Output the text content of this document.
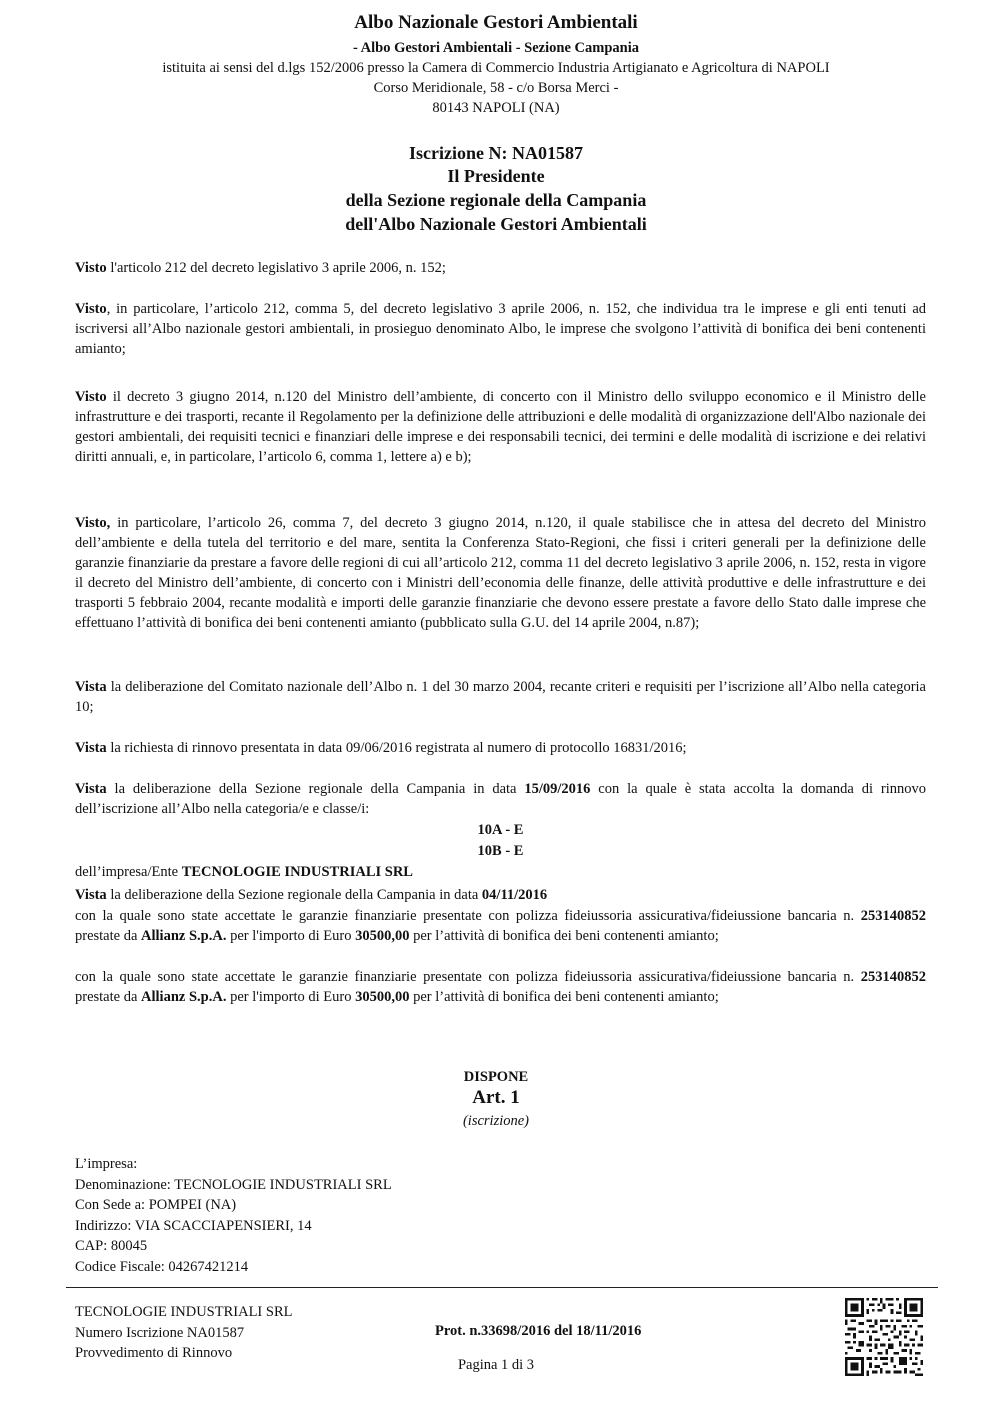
Albo Nazionale Gestori Ambientali
- Albo Gestori Ambientali - Sezione Campania
istituita ai sensi del d.lgs 152/2006 presso la Camera di Commercio Industria Artigianato e Agricoltura di NAPOLI
Corso Meridionale, 58 - c/o Borsa Merci -
80143 NAPOLI (NA)
Iscrizione N: NA01587
Il Presidente
della Sezione regionale della Campania
dell'Albo Nazionale Gestori Ambientali
Visto l'articolo 212 del decreto legislativo 3 aprile 2006, n. 152;
Visto, in particolare, l’articolo 212, comma 5, del decreto legislativo 3 aprile 2006, n. 152, che individua tra le imprese e gli enti tenuti ad iscriversi all’Albo nazionale gestori ambientali, in prosieguo denominato Albo, le imprese che svolgono l’attività di bonifica dei beni contenenti amianto;
Visto il decreto 3 giugno 2014, n.120 del Ministro dell’ambiente, di concerto con il Ministro dello sviluppo economico e il Ministro delle infrastrutture e dei trasporti, recante il Regolamento per la definizione delle attribuzioni e delle modalità di organizzazione dell'Albo nazionale dei gestori ambientali, dei requisiti tecnici e finanziari delle imprese e dei responsabili tecnici, dei termini e delle modalità di iscrizione e dei relativi diritti annuali, e, in particolare, l’articolo 6, comma 1, lettere a) e b);
Visto, in particolare, l’articolo 26, comma 7, del decreto 3 giugno 2014, n.120, il quale stabilisce che in attesa del decreto del Ministro dell’ambiente e della tutela del territorio e del mare, sentita la Conferenza Stato-Regioni, che fissi i criteri generali per la definizione delle garanzie finanziarie da prestare a favore delle regioni di cui all’articolo 212, comma 11 del decreto legislativo 3 aprile 2006, n. 152, resta in vigore il decreto del Ministro dell’ambiente, di concerto con i Ministri dell’economia delle finanze, delle attività produttive e delle infrastrutture e dei trasporti 5 febbraio 2004, recante modalità e importi delle garanzie finanziarie che devono essere prestate a favore dello Stato dalle imprese che effettuano l’attività di bonifica dei beni contenenti amianto (pubblicato sulla G.U. del 14 aprile 2004, n.87);
Vista la deliberazione del Comitato nazionale dell’Albo n. 1 del 30 marzo 2004, recante criteri e requisiti per l’iscrizione all’Albo nella categoria 10;
Vista la richiesta di rinnovo presentata in data 09/06/2016 registrata al numero di protocollo 16831/2016;
Vista la deliberazione della Sezione regionale della Campania in data 15/09/2016 con la quale è stata accolta la domanda di rinnovo dell’iscrizione all’Albo nella categoria/e e classe/i:
10A - E
10B - E
dell’impresa/Ente TECNOLOGIE INDUSTRIALI SRL
Vista la deliberazione della Sezione regionale della Campania in data 04/11/2016
con la quale sono state accettate le garanzie finanziarie presentate con polizza fideiussoria assicurativa/fideiussione bancaria n. 253140852 prestate da Allianz S.p.A. per l'importo di Euro 30500,00 per l’attività di bonifica dei beni contenenti amianto;
con la quale sono state accettate le garanzie finanziarie presentate con polizza fideiussoria assicurativa/fideiussione bancaria n. 253140852 prestate da Allianz S.p.A. per l'importo di Euro 30500,00 per l’attività di bonifica dei beni contenenti amianto;
DISPONE
Art. 1
(iscrizione)
L’impresa:
Denominazione: TECNOLOGIE INDUSTRIALI SRL
Con Sede a: POMPEI (NA)
Indirizzo: VIA SCACCIAPENSIERI, 14
CAP: 80045
Codice Fiscale: 04267421214
TECNOLOGIE INDUSTRIALI SRL
Numero Iscrizione NA01587
Provvedimento di Rinnovo
Prot. n.33698/2016 del 18/11/2016
Pagina 1 di 3
